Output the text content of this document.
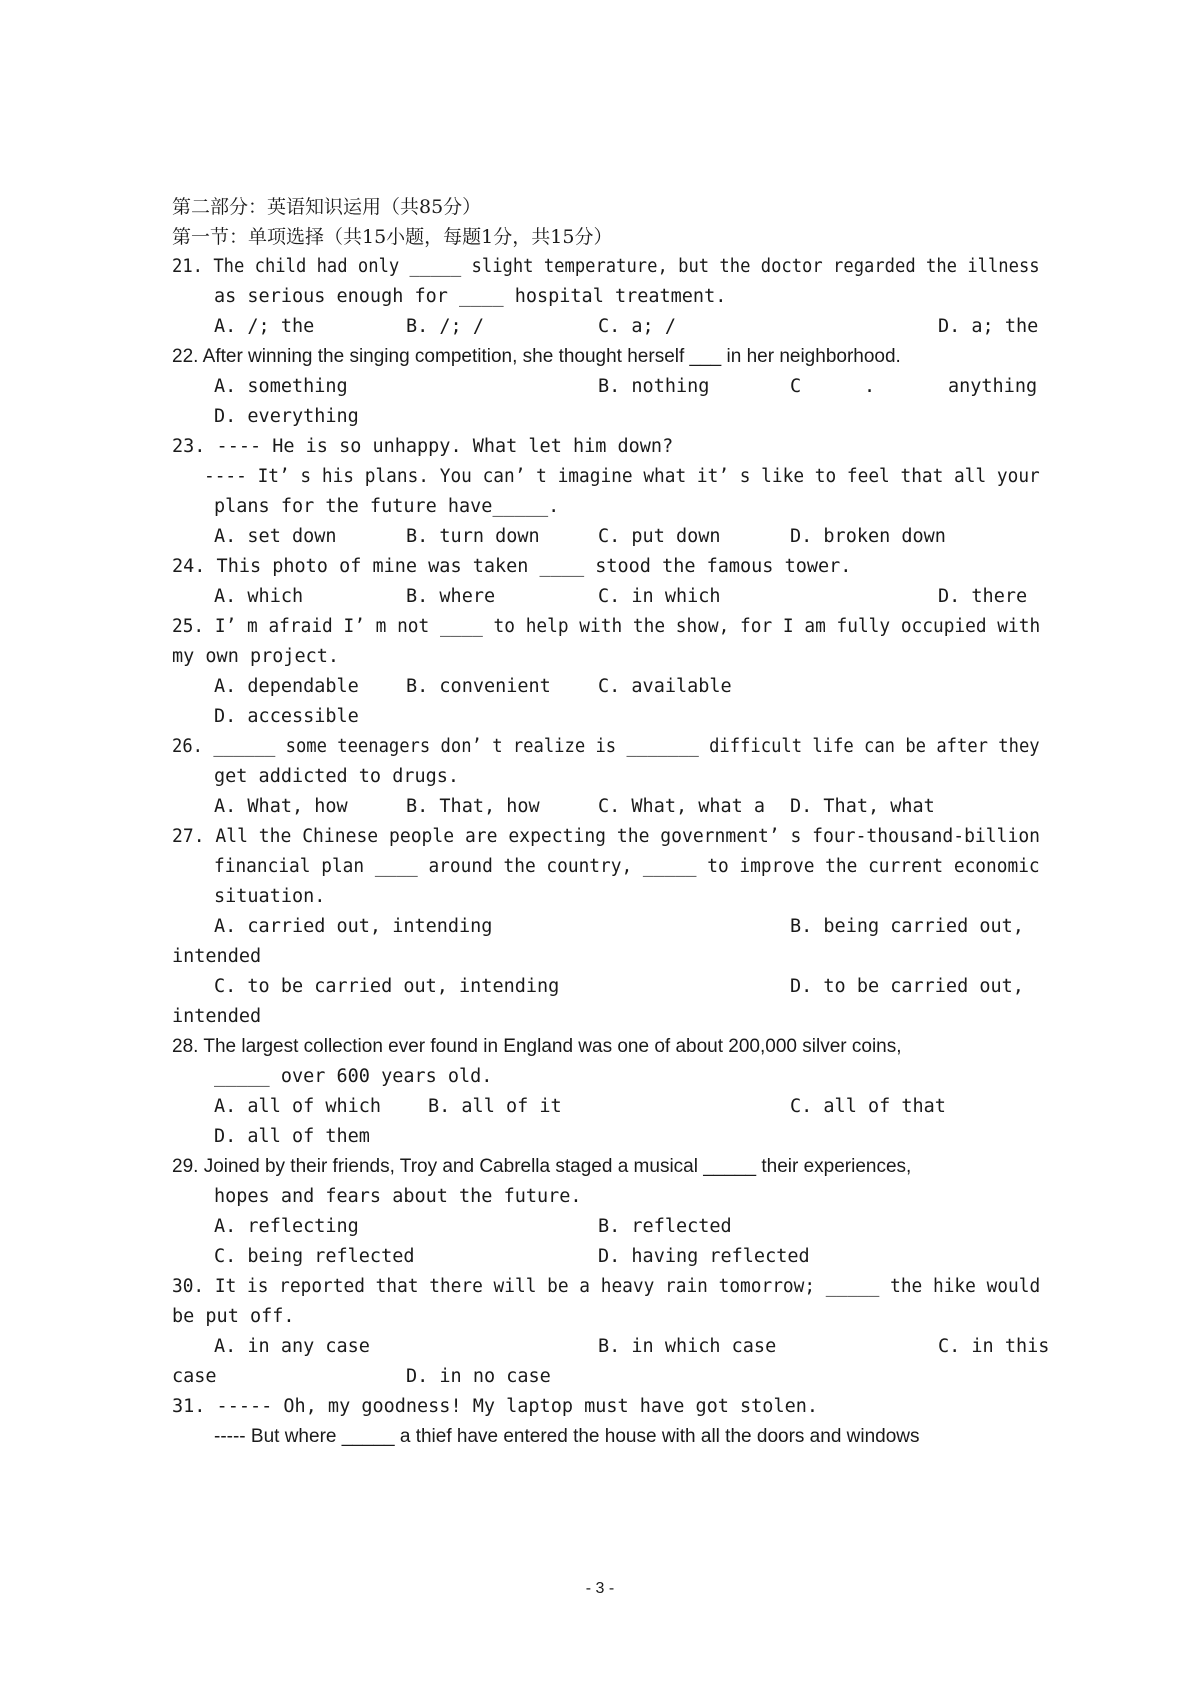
第二部分：英语知识运用（共85分）
第一节：单项选择（共15小题，每题1分，共15分）
21. The child had only _____ slight temperature, but the doctor regarded the illness
as serious enough for ____ hospital treatment.
A. /; the	B. /; /	C. a; /	D. a; the
22. After winning the singing competition, she thought herself ___ in her neighborhood.
A. something	B. nothing	C	.	anything
D. everything
23. ---- He is so unhappy. What let him down?
---- It’ s his plans. You can’ t imagine what it’ s like to feel that all your
plans for the future have_____.
A. set down	B. turn down	C. put down	D. broken down
24. This photo of mine was taken ____ stood the famous tower.
A. which	B. where	C. in which	D. there
25. I’ m afraid I’ m not ____ to help with the show, for I am fully occupied with
my own project.
A. dependable	B. convenient	C. available
D. accessible
26. ______ some teenagers don’ t realize is _______ difficult life can be after they
get addicted to drugs.
A. What, how	B. That, how	C. What, what a D. That, what
27. All the Chinese people are expecting the government’ s four-thousand-billion
financial plan ____ around the country, _____ to improve the current economic
situation.
A. carried out, intending	B. being carried out,
intended
C. to be carried out, intending	D. to be carried out,
intended
28. The largest collection ever found in England was one of about 200,000 silver coins,
_____ over 600 years old.
A. all of which	B. all of it	C. all of that
D. all of them
29. Joined by their friends, Troy and Cabrella staged a musical _____ their experiences,
hopes and fears about the future.
A. reflecting	B. reflected
C. being reflected	D. having reflected
30. It is reported that there will be a heavy rain tomorrow; _____ the hike would
be put off.
A. in any case	B. in which case	C. in this
case	D. in no case
31. ----- Oh, my goodness! My laptop must have got stolen.
----- But where _____ a thief have entered the house with all the doors and windows
- 3 -
